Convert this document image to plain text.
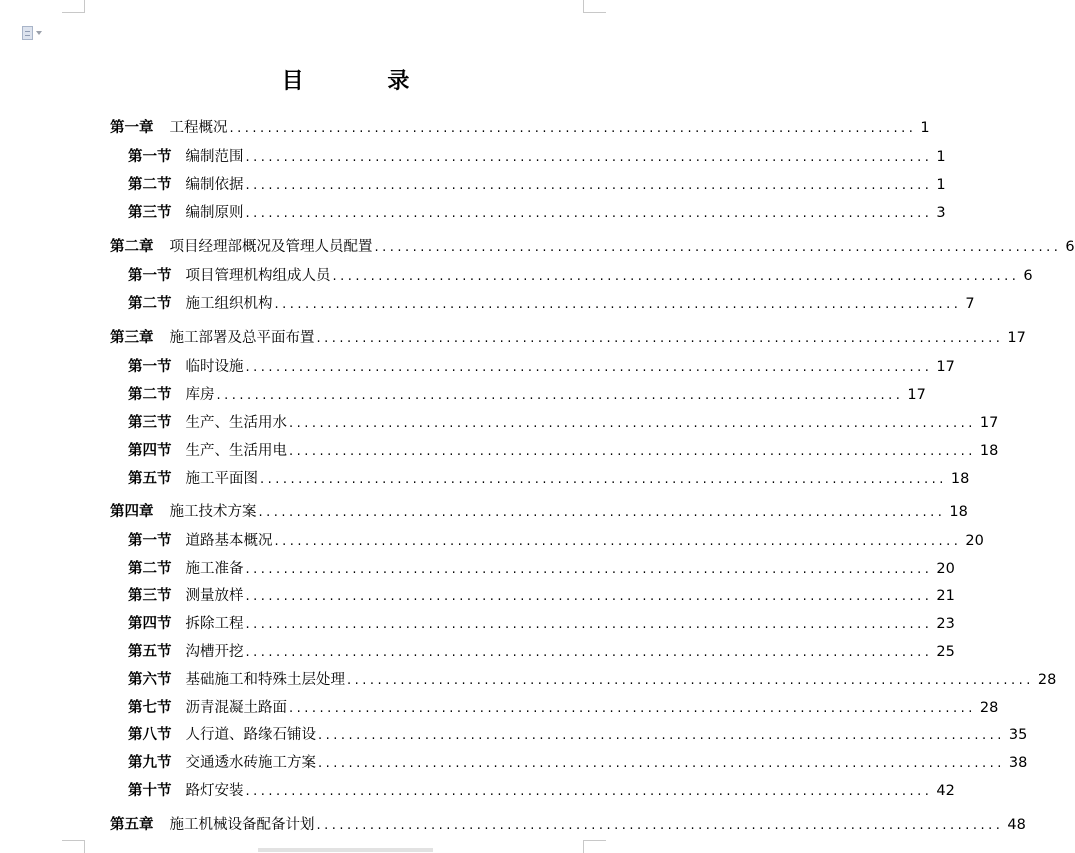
目 录
第一章 工程概况 .......................................................................................... 1
第一节 编制范围 .......................................................................................... 1
第二节 编制依据 .......................................................................................... 1
第三节 编制原则 .......................................................................................... 3
第二章 项目经理部概况及管理人员配置 .......................................................................................... 6
第一节 项目管理机构组成人员 .......................................................................................... 6
第二节 施工组织机构 .......................................................................................... 7
第三章 施工部署及总平面布置 .......................................................................................... 17
第一节 临时设施 .......................................................................................... 17
第二节 库房 .......................................................................................... 17
第三节 生产、生活用水 .......................................................................................... 17
第四节 生产、生活用电 .......................................................................................... 18
第五节 施工平面图 .......................................................................................... 18
第四章 施工技术方案 .......................................................................................... 18
第一节 道路基本概况 .......................................................................................... 20
第二节 施工准备 .......................................................................................... 20
第三节 测量放样 .......................................................................................... 21
第四节 拆除工程 .......................................................................................... 23
第五节 沟槽开挖 .......................................................................................... 25
第六节 基础施工和特殊土层处理 .......................................................................................... 28
第七节 沥青混凝土路面 .......................................................................................... 28
第八节 人行道、路缘石铺设 .......................................................................................... 35
第九节 交通透水砖施工方案 .......................................................................................... 38
第十节 路灯安装 .......................................................................................... 42
第五章 施工机械设备配备计划 .......................................................................................... 48
